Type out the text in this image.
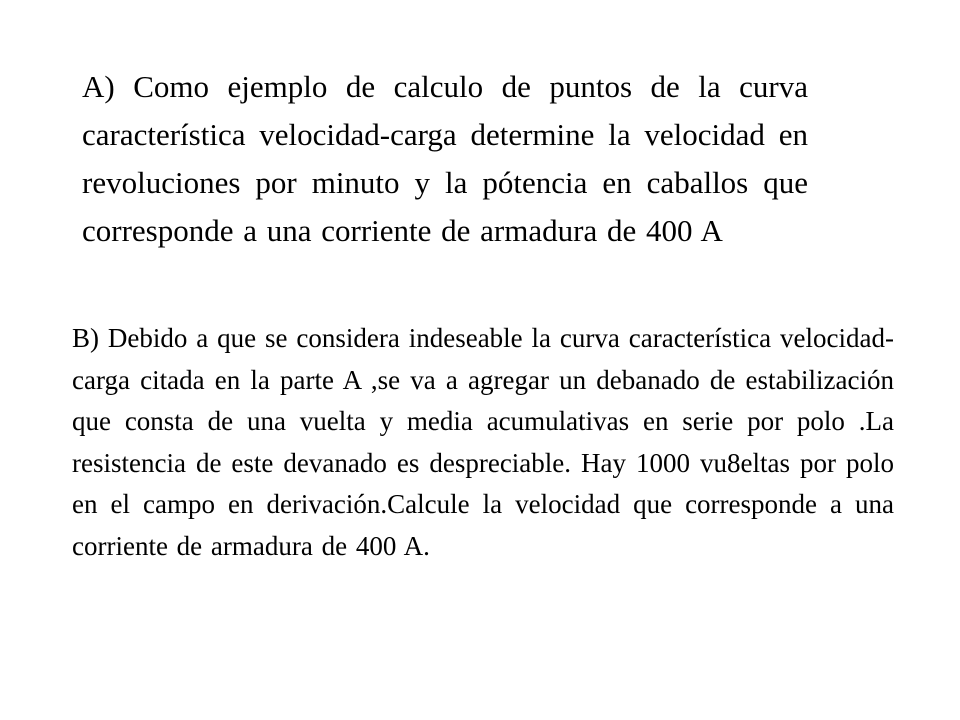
A) Como ejemplo de calculo de puntos de la curva característica velocidad-carga determine la velocidad en revoluciones por minuto y la pótencia en caballos que corresponde a una corriente de armadura de 400 A

B) Debido a que se considera indeseable la curva característica velocidad-carga citada en la parte A ,se va a agregar un debanado de estabilización que consta de una vuelta y media acumulativas en serie por polo .La resistencia de este devanado es despreciable. Hay 1000 vu8eltas por polo en el campo en derivación.Calcule la velocidad que corresponde a una corriente de armadura de 400 A.
